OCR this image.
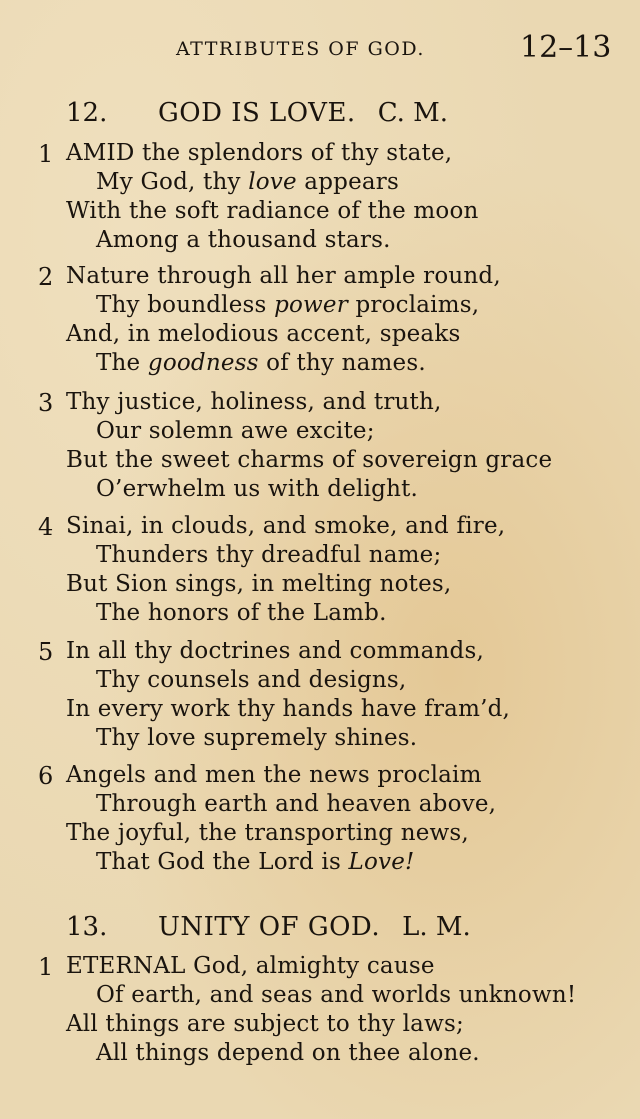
ATTRIBUTES OF GOD.	12–13
12. GOD IS LOVE. C. M.
1 AMID the splendors of thy state,
My God, thy love appears
With the soft radiance of the moon
Among a thousand stars.
2 Nature through all her ample round,
Thy boundless power proclaims,
And, in melodious accent, speaks
The goodness of thy names.
3 Thy justice, holiness, and truth,
Our solemn awe excite;
But the sweet charms of sovereign grace
O’erwhelm us with delight.
4 Sinai, in clouds, and smoke, and fire,
Thunders thy dreadful name;
But Sion sings, in melting notes,
The honors of the Lamb.
5 In all thy doctrines and commands,
Thy counsels and designs,
In every work thy hands have fram’d,
Thy love supremely shines.
6 Angels and men the news proclaim
Through earth and heaven above,
The joyful, the transporting news,
That God the Lord is Love!
13. UNITY OF GOD. L. M.
1 ETERNAL God, almighty cause
Of earth, and seas and worlds unknown!
All things are subject to thy laws;
All things depend on thee alone.
